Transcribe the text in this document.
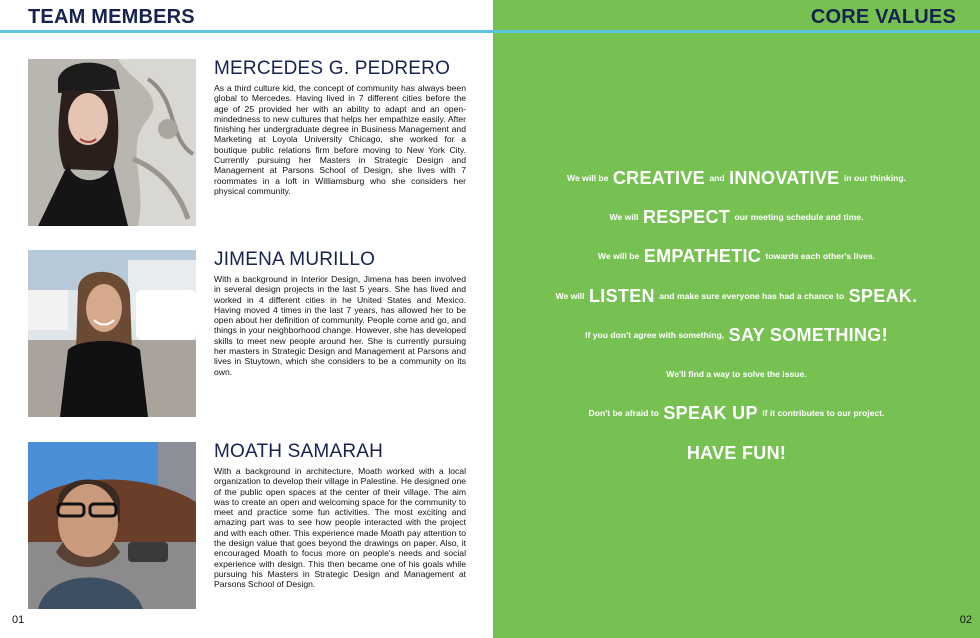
TEAM MEMBERS	CORE VALUES
MERCEDES G. PEDRERO

As a third culture kid, the concept of community has always been global to Mercedes. Having lived in 7 different cities before the age of 25 provided her with an ability to adapt and an open-mindedness to new cultures that helps her empathize easily. After finishing her undergraduate degree in Business Management and Marketing at Loyola University Chicago, she worked for a boutique public relations firm before moving to New York City. Currently pursuing her Masters in Strategic Design and Management at Parsons School of Design, she lives with 7 roommates in a loft in Williamsburg who she considers her physical community.

JIMENA MURILLO

With a background in Interior Design, Jimena has been involved in several design projects in the last 5 years. She has lived and worked in 4 different cities in he United States and Mexico. Having moved 4 times in the last 7 years, has allowed her to be open about her definition of community. People come and go, and things in your neighborhood change. However, she has developed skills to meet new people around her. She is currently pursuing her masters in Strategic Design and Management at Parsons and lives in Stuytown, which she considers to be a community on its own.

MOATH SAMARAH

With a background in architecture, Moath worked with a local organization to develop their village in Palestine. He designed one of the public open spaces at the center of their village. The aim was to create an open and welcoming space for the community to meet and practice some fun activities. The most exciting and amazing part was to see how people interacted with the project and with each other. This experience made Moath pay attention to the design value that goes beyond the drawings on paper. Also, it encouraged Moath to focus more on people's needs and social experience with design. This then became one of his goals while pursuing his Masters in Strategic Design and Management at Parsons School of Design.

01	02

We will be CREATIVE and INNOVATIVE in our thinking.

We will RESPECT our meeting schedule and time.

We will be EMPATHETIC towards each other's lives.

We will LISTEN and make sure everyone has had a chance to SPEAK.

If you don't agree with something, SAY SOMETHING!

We'll find a way to solve the issue.

Don't be afraid to SPEAK UP if it contributes to our project.

HAVE FUN!
